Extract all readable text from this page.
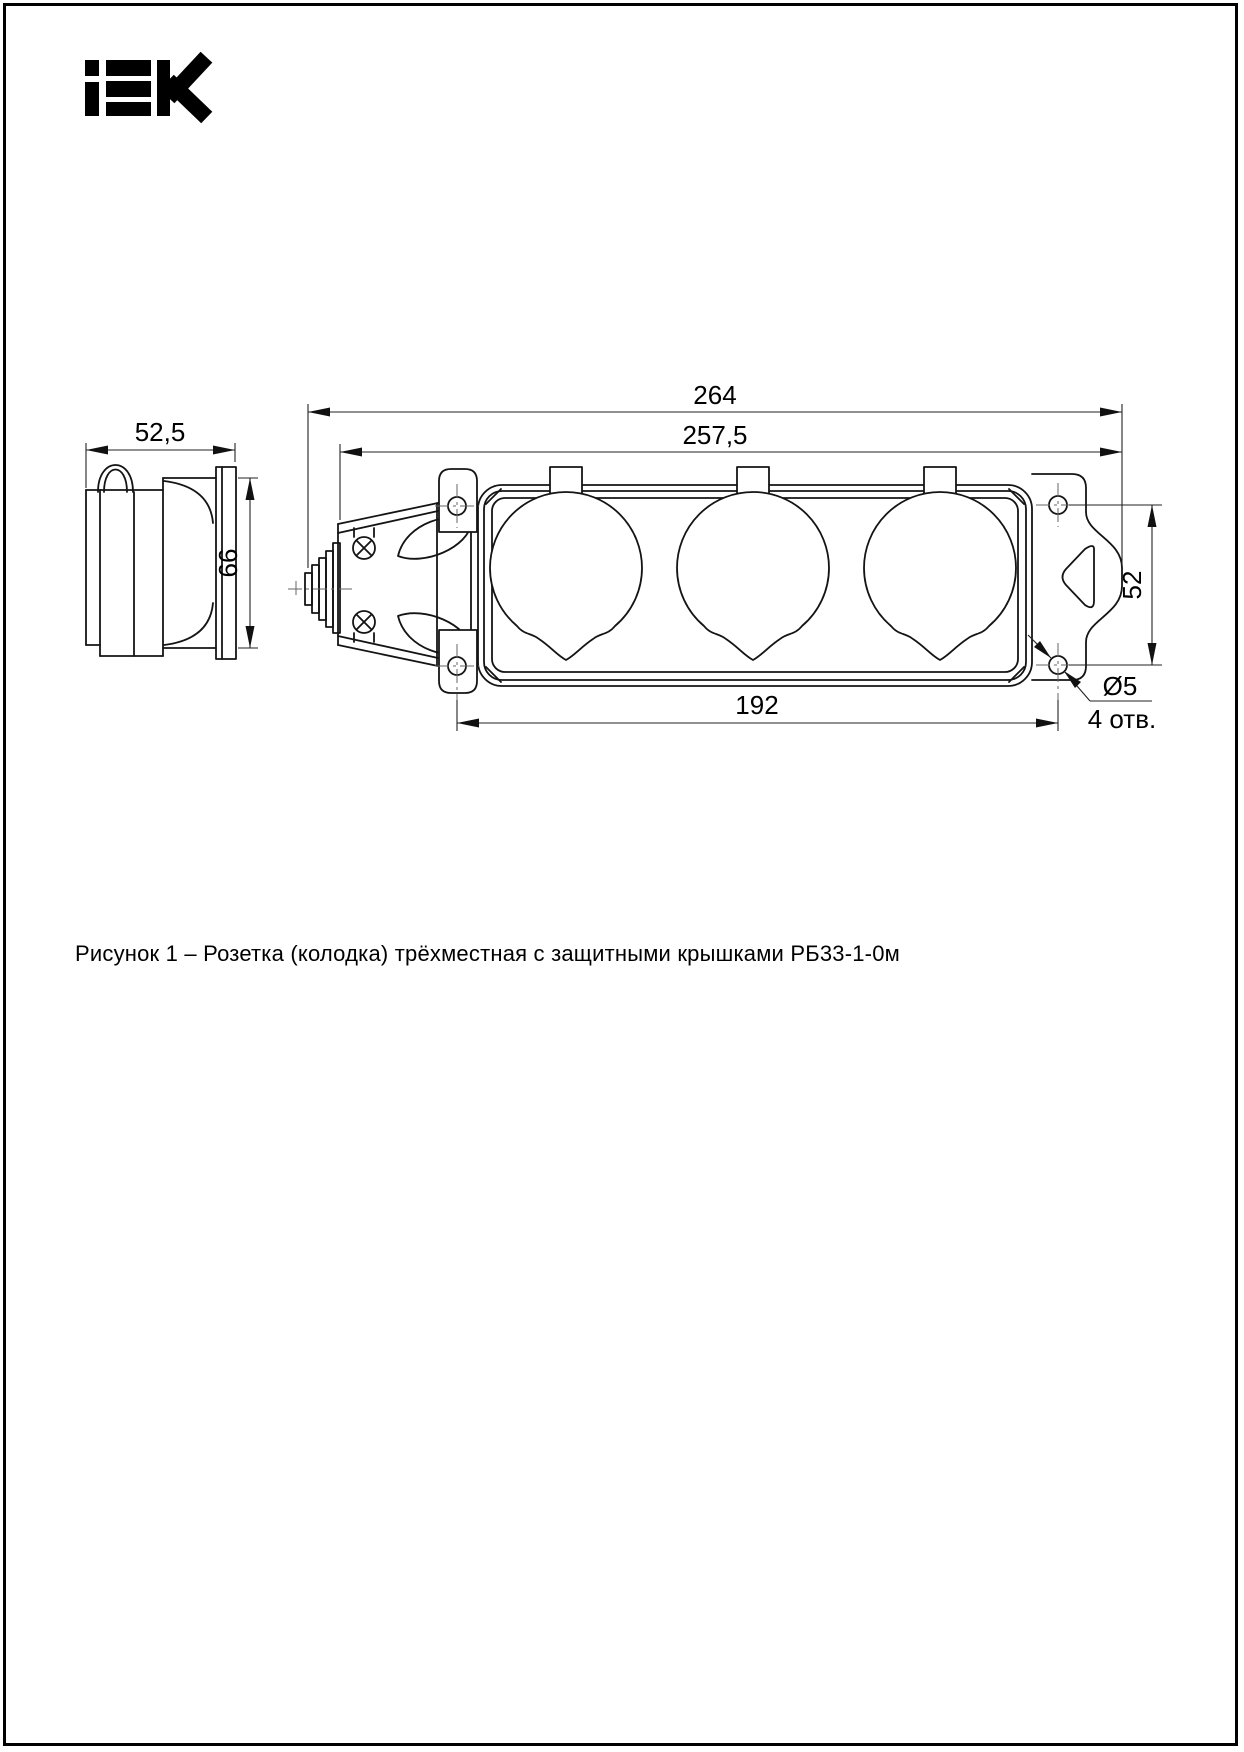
52,5
66
264
257,5
192
52
Ø5
4 отв.
Рисунок 1 – Розетка (колодка) трёхместная с защитными крышками РБ33-1-0м
